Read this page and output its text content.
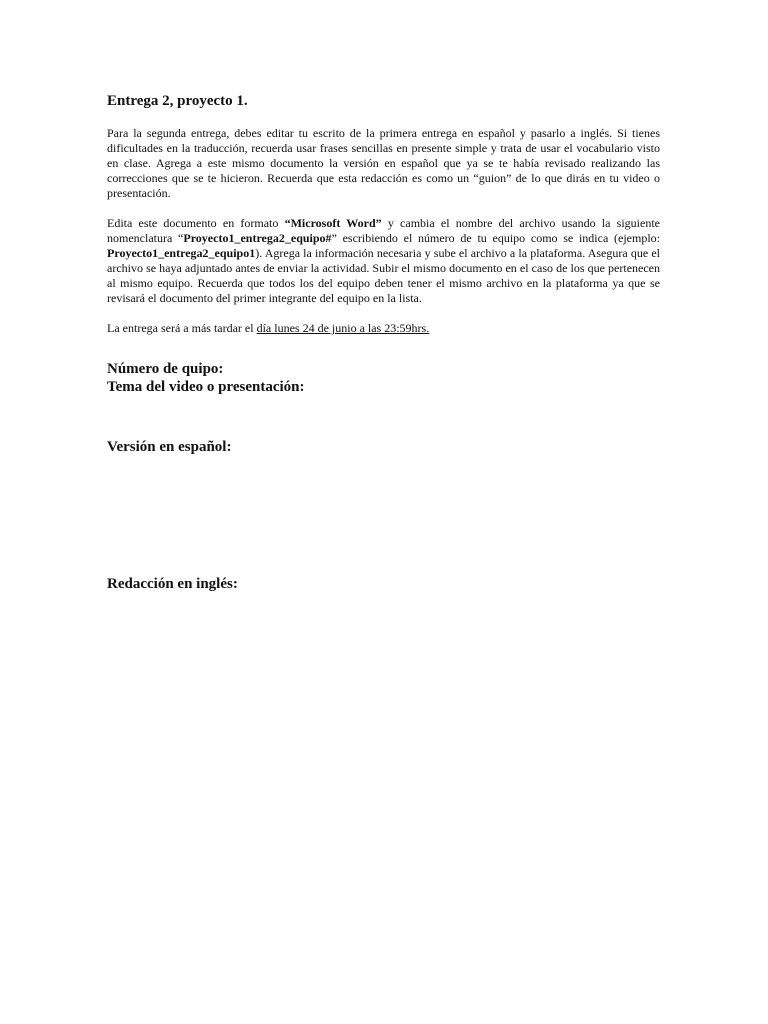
Entrega 2, proyecto 1.

Para la segunda entrega, debes editar tu escrito de la primera entrega en español y pasarlo a inglés. Si tienes dificultades en la traducción, recuerda usar frases sencillas en presente simple y trata de usar el vocabulario visto en clase. Agrega a este mismo documento la versión en español que ya se te había revisado realizando las correcciones que se te hicieron. Recuerda que esta redacción es como un “guion” de lo que dirás en tu video o presentación.

Edita este documento en formato “Microsoft Word” y cambia el nombre del archivo usando la siguiente nomenclatura “Proyecto1_entrega2_equipo#” escribiendo el número de tu equipo como se indica (ejemplo: Proyecto1_entrega2_equipo1). Agrega la información necesaria y sube el archivo a la plataforma. Asegura que el archivo se haya adjuntado antes de enviar la actividad. Subir el mismo documento en el caso de los que pertenecen al mismo equipo. Recuerda que todos los del equipo deben tener el mismo archivo en la plataforma ya que se revisará el documento del primer integrante del equipo en la lista.

La entrega será a más tardar el día lunes 24 de junio a las 23:59hrs.

Número de quipo:

Tema del video o presentación:

Versión en español:

Redacción en inglés:
